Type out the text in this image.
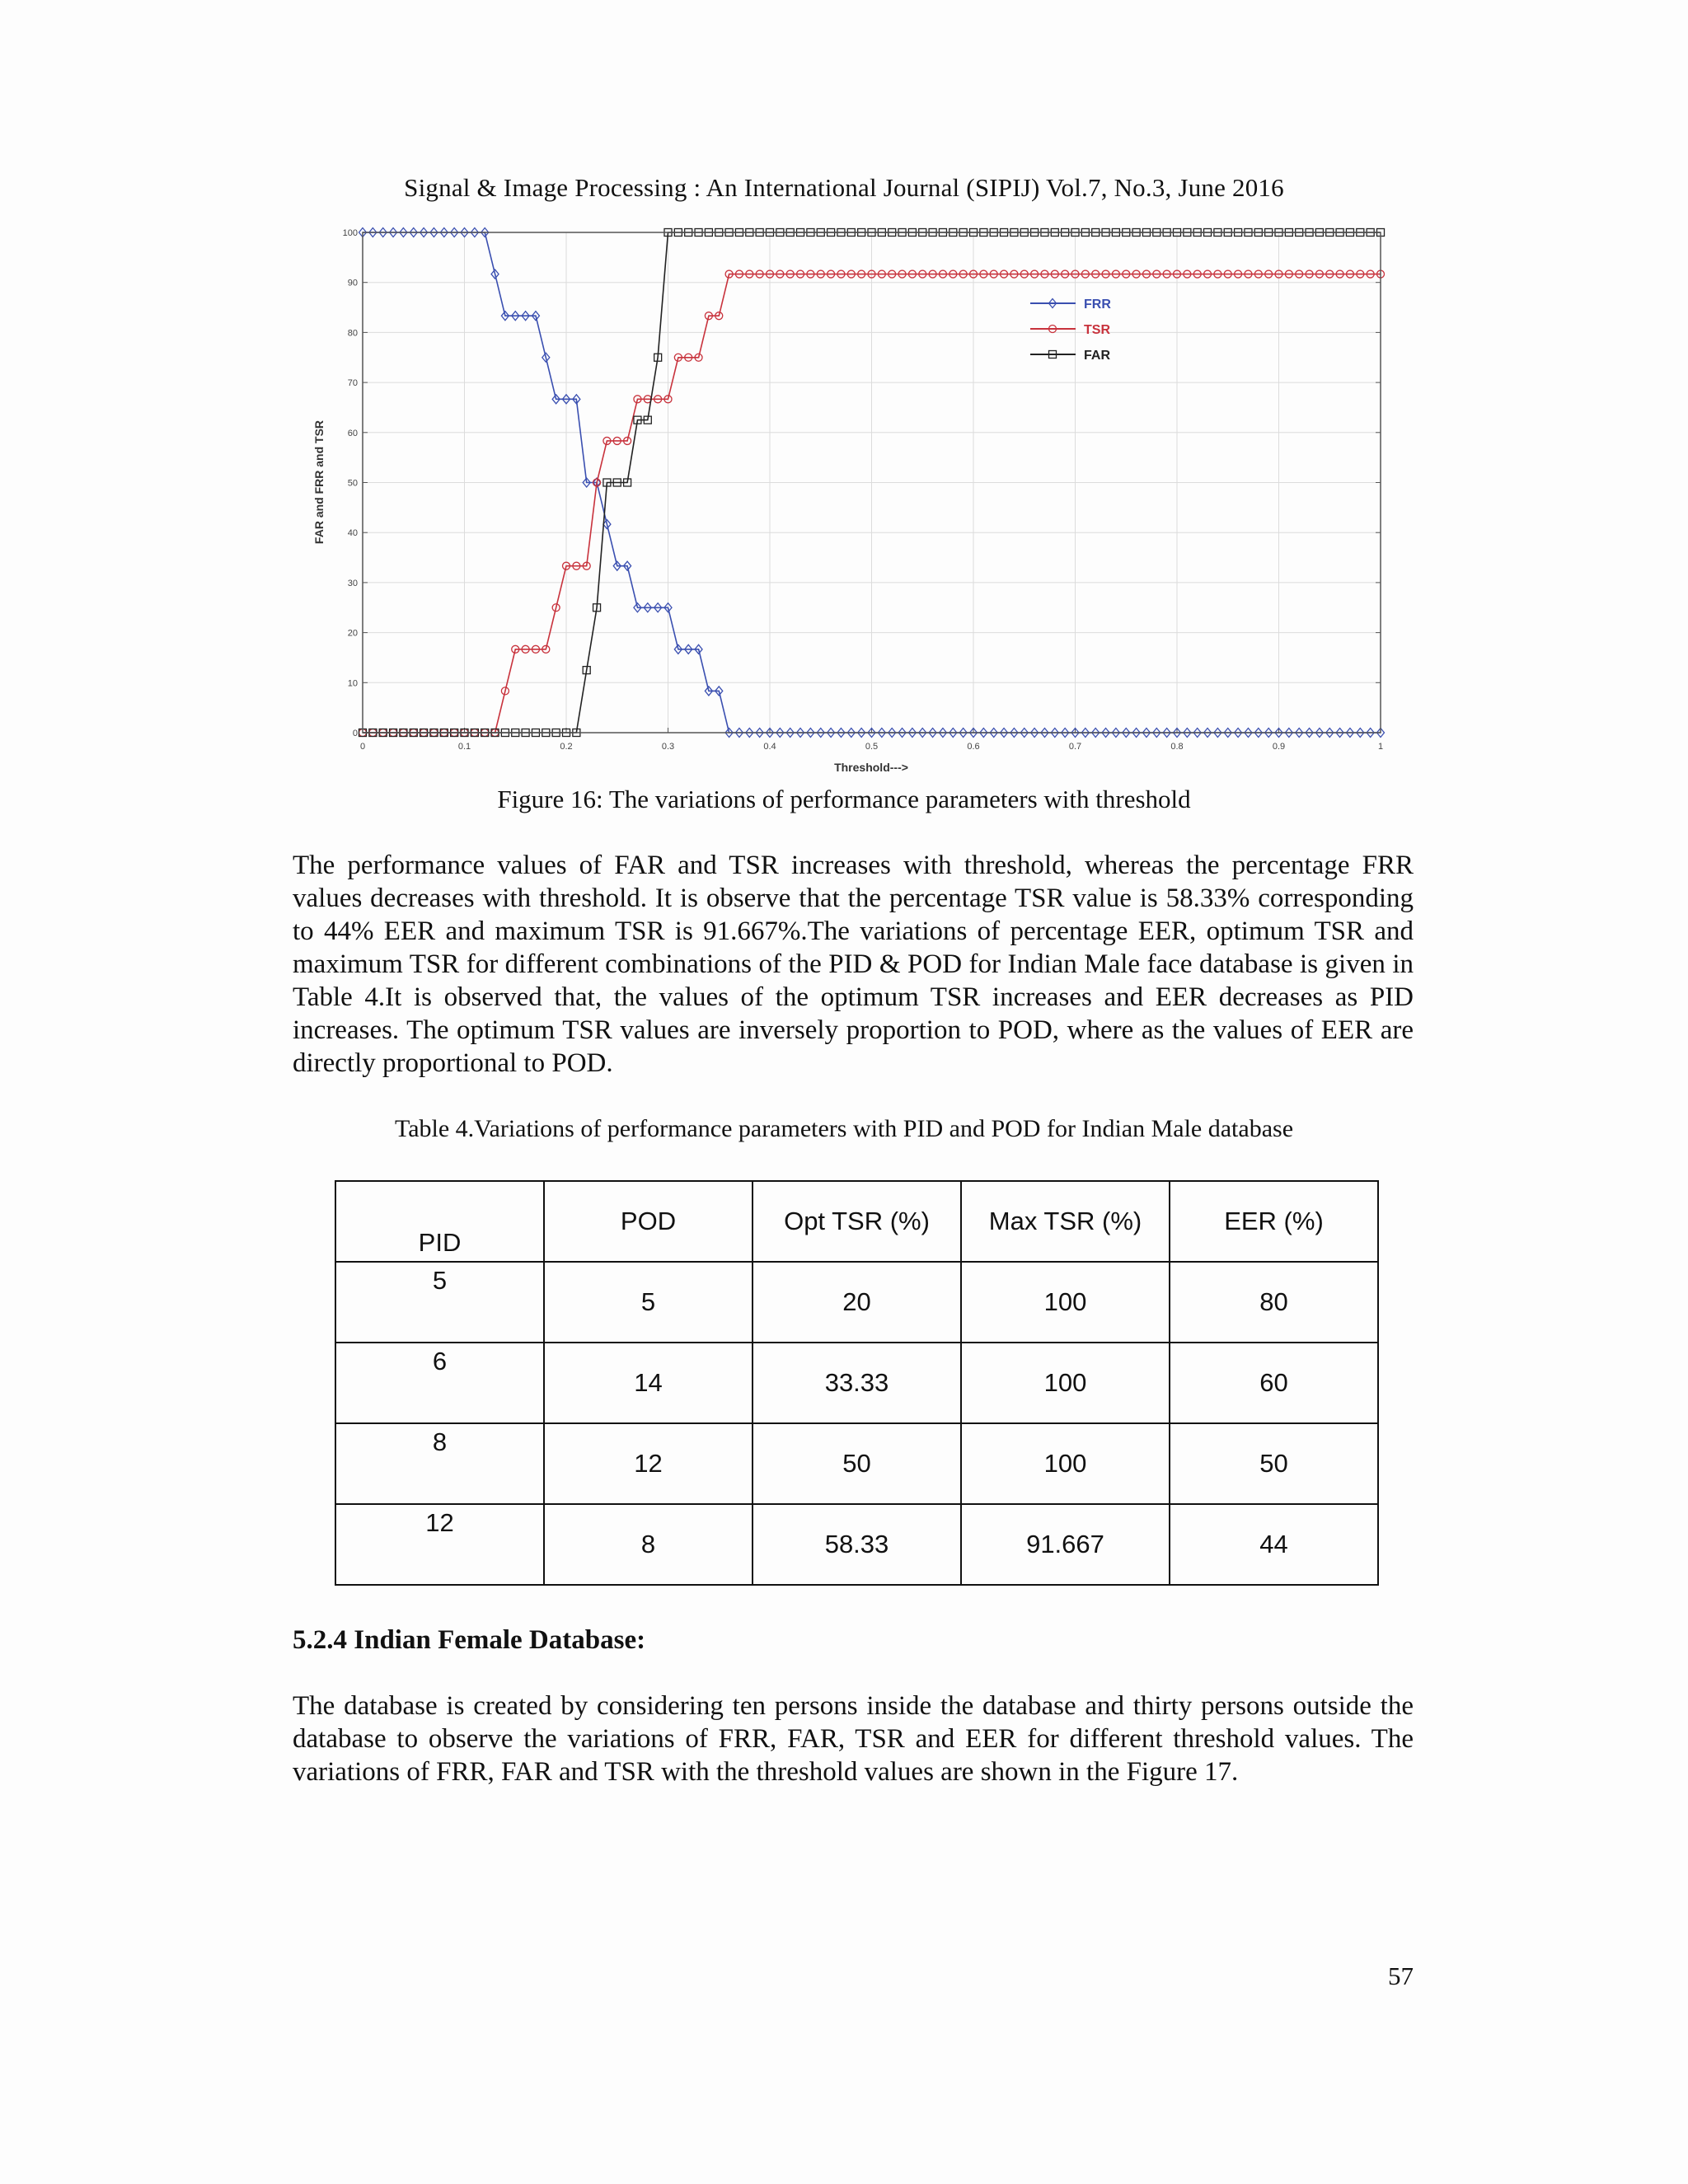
Signal & Image Processing : An International Journal (SIPIJ) Vol.7, No.3, June 2016
0	0.1	0.2	0.3	0.4	0.5	0.6	0.7	0.8	0.9	1
0
10
20
30
40
50
60
70
80
90
100
FRR
TSR
FAR
Threshold--->
FAR and FRR and TSR
Figure 16: The variations of performance parameters with threshold
The performance values of FAR and TSR increases with threshold, whereas the percentage FRR values decreases with threshold. It is observe that the percentage TSR value is 58.33% corresponding to 44% EER and maximum TSR is 91.667%.The variations of percentage EER, optimum TSR and maximum TSR for different combinations of the PID & POD for Indian Male face database is given in Table 4.It is observed that, the values of the optimum TSR increases and EER decreases as PID increases. The optimum TSR values are inversely proportion to POD, where as the values of EER are directly proportional to POD.
Table 4.Variations of performance parameters with PID and POD for Indian Male database
PID	POD	Opt TSR (%)	Max TSR (%)	EER (%)

5	5	20	100	80

6	14	33.33	100	60

8	12	50	100	50

12	8	58.33	91.667	44
5.2.4 Indian Female Database:
The database is created by considering ten persons inside the database and thirty persons outside the database to observe the variations of FRR, FAR, TSR and EER for different threshold values. The variations of FRR, FAR and TSR with the threshold values are shown in the Figure 17.
57
